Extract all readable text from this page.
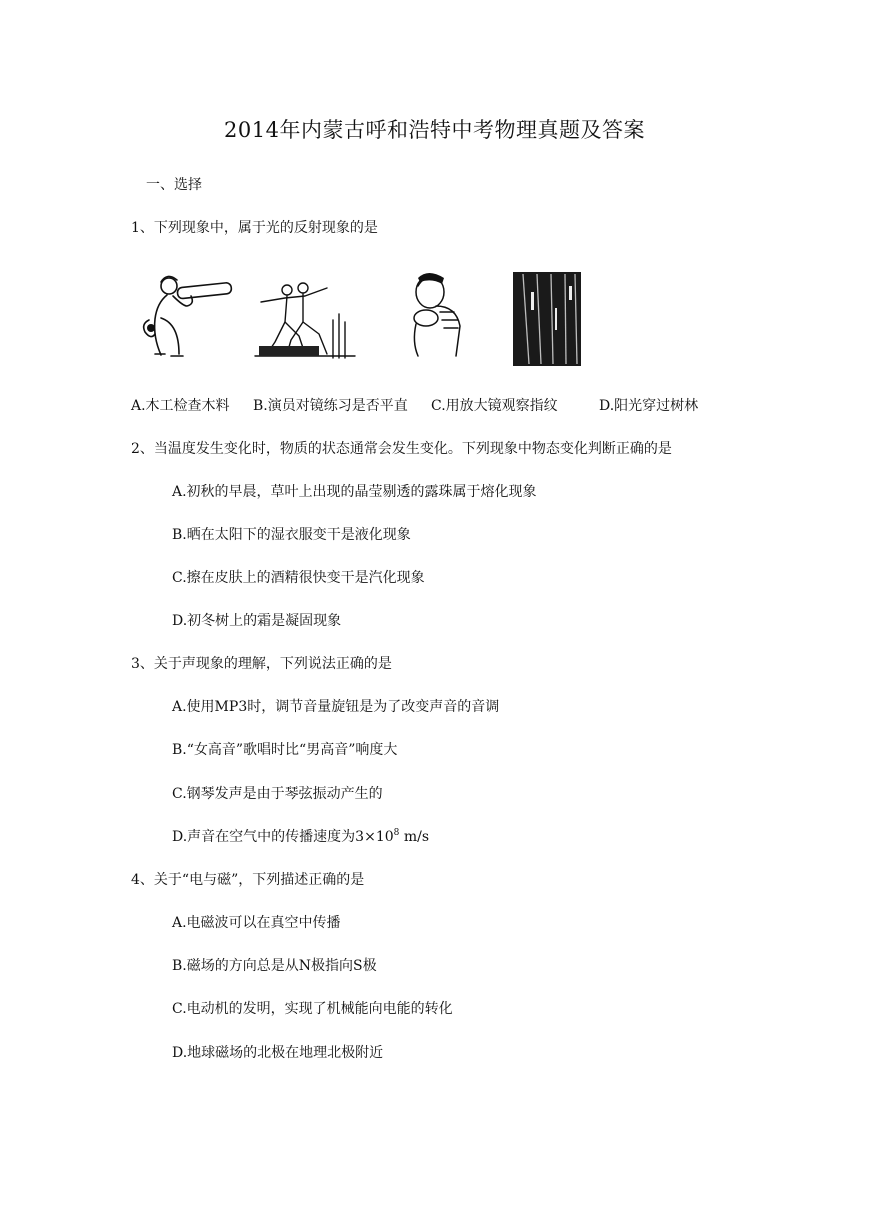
2014年内蒙古呼和浩特中考物理真题及答案
一、选择
1、下列现象中，属于光的反射现象的是
A.木工检查木料 B.演员对镜练习是否平直 C.用放大镜观察指纹	D.阳光穿过树林
2、当温度发生变化时，物质的状态通常会发生变化。下列现象中物态变化判断正确的是
A.初秋的早晨，草叶上出现的晶莹剔透的露珠属于熔化现象
B.晒在太阳下的湿衣服变干是液化现象
C.擦在皮肤上的酒精很快变干是汽化现象
D.初冬树上的霜是凝固现象
3、关于声现象的理解，下列说法正确的是
A.使用MP3时，调节音量旋钮是为了改变声音的音调
B.“女高音”歌唱时比“男高音”响度大
C.钢琴发声是由于琴弦振动产生的
D.声音在空气中的传播速度为$3\times 10^8$ m/s
4、关于“电与磁”，下列描述正确的是
A.电磁波可以在真空中传播
B.磁场的方向总是从N极指向S极
C.电动机的发明，实现了机械能向电能的转化
D.地球磁场的北极在地理北极附近
